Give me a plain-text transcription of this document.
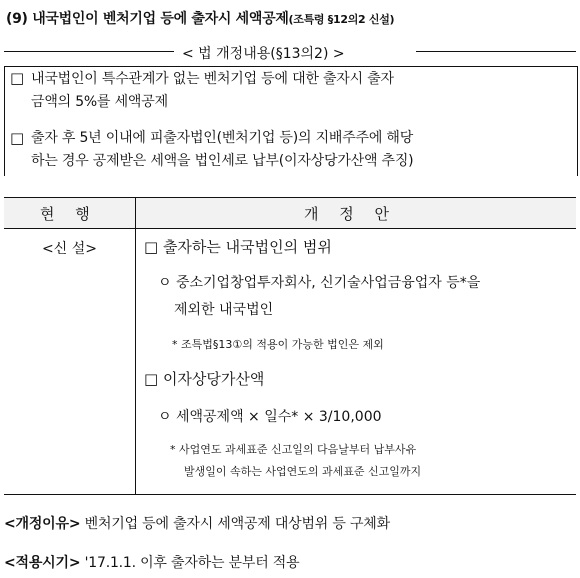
(9) 내국법인이 벤처기업 등에 출자시 세액공제(조특령 §12의2 신설)
< 법 개정내용(§13의2) >
□ 내국법인이 특수관계가 없는 벤처기업 등에 대한 출자시 출자
금액의 5%를 세액공제
□ 출자 후 5년 이내에 피출자법인(벤처기업 등)의 지배주주에 해당
하는 경우 공제받은 세액을 법인세로 납부(이자상당가산액 추징)
현 행	개 정 안
<신 설>	□ 출자하는 내국법인의 범위
ㅇ 중소기업창업투자회사, 신기술사업금융업자 등*을
제외한 내국법인
* 조특법§13①의 적용이 가능한 법인은 제외
□ 이자상당가산액
ㅇ 세액공제액 × 일수* × 3/10,000
* 사업연도 과세표준 신고일의 다음날부터 납부사유
발생일이 속하는 사업연도의 과세표준 신고일까지
<개정이유> 벤처기업 등에 출자시 세액공제 대상범위 등 구체화
<적용시기> '17.1.1. 이후 출자하는 분부터 적용
